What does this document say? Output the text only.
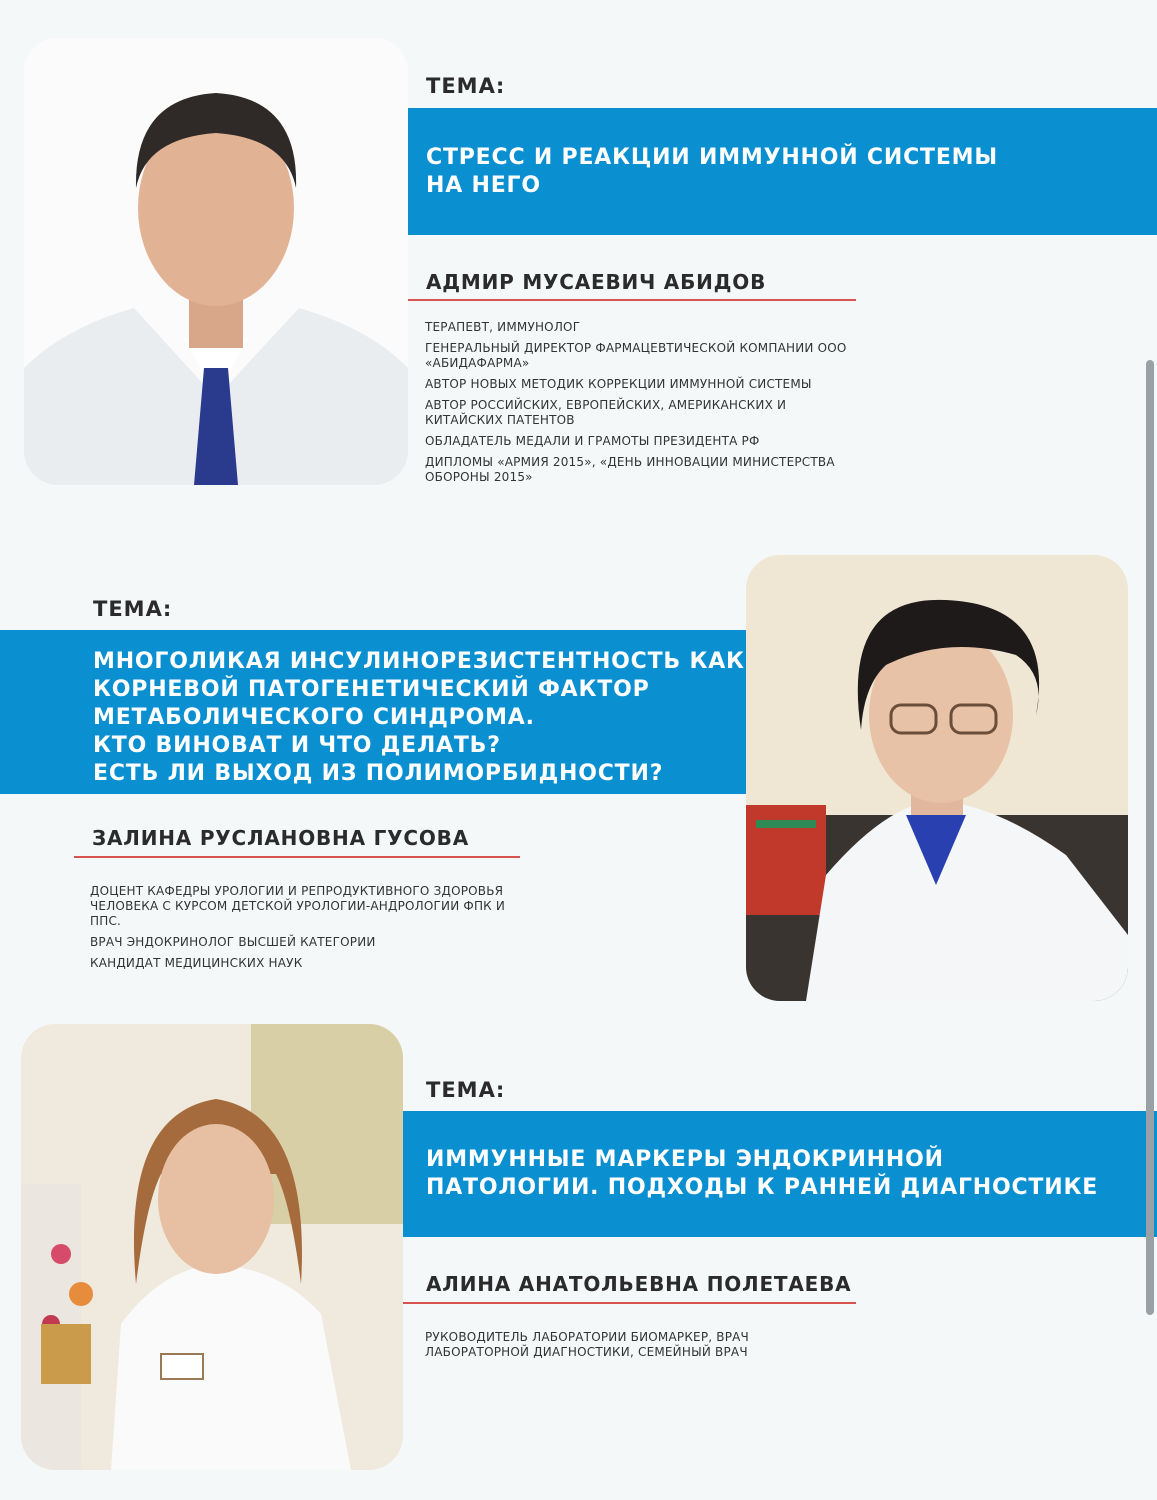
ТЕМА:
СТРЕСС И РЕАКЦИИ ИММУННОЙ СИСТЕМЫ
НА НЕГО
АДМИР МУСАЕВИЧ АБИДОВ
ТЕРАПЕВТ, ИММУНОЛОГ
ГЕНЕРАЛЬНЫЙ ДИРЕКТОР ФАРМАЦЕВТИЧЕСКОЙ КОМПАНИИ ООО «АБИДАФАРМА»
АВТОР НОВЫХ МЕТОДИК КОРРЕКЦИИ ИММУННОЙ СИСТЕМЫ
АВТОР РОССИЙСКИХ, ЕВРОПЕЙСКИХ, АМЕРИКАНСКИХ И КИТАЙСКИХ ПАТЕНТОВ
ОБЛАДАТЕЛЬ МЕДАЛИ И ГРАМОТЫ ПРЕЗИДЕНТА РФ
ДИПЛОМЫ «АРМИЯ 2015», «ДЕНЬ ИННОВАЦИИ МИНИСТЕРСТВА ОБОРОНЫ 2015»
ТЕМА:
МНОГОЛИКАЯ ИНСУЛИНОРЕЗИСТЕНТНОСТЬ КАК
КОРНЕВОЙ ПАТОГЕНЕТИЧЕСКИЙ ФАКТОР
МЕТАБОЛИЧЕСКОГО СИНДРОМА.
КТО ВИНОВАТ И ЧТО ДЕЛАТЬ?
ЕСТЬ ЛИ ВЫХОД ИЗ ПОЛИМОРБИДНОСТИ?
ЗАЛИНА РУСЛАНОВНА ГУСОВА
ДОЦЕНТ КАФЕДРЫ УРОЛОГИИ И РЕПРОДУКТИВНОГО ЗДОРОВЬЯ ЧЕЛОВЕКА С КУРСОМ ДЕТСКОЙ УРОЛОГИИ-АНДРОЛОГИИ ФПК И ППС.
ВРАЧ ЭНДОКРИНОЛОГ ВЫСШЕЙ КАТЕГОРИИ
КАНДИДАТ МЕДИЦИНСКИХ НАУК
ТЕМА:
ИММУННЫЕ МАРКЕРЫ ЭНДОКРИННОЙ
ПАТОЛОГИИ. ПОДХОДЫ К РАННЕЙ ДИАГНОСТИКЕ
АЛИНА АНАТОЛЬЕВНА ПОЛЕТАЕВА
РУКОВОДИТЕЛЬ ЛАБОРАТОРИИ БИОМАРКЕР, ВРАЧ ЛАБОРАТОРНОЙ ДИАГНОСТИКИ, СЕМЕЙНЫЙ ВРАЧ
